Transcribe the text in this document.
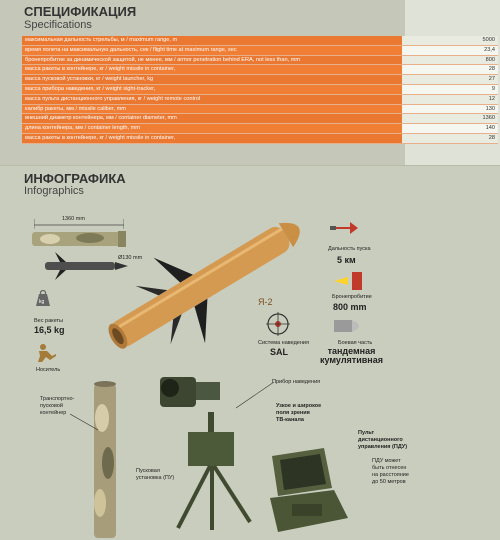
СПЕЦИФИКАЦИЯ
Specifications
максимальная дальность стрельбы, м / maximum range, m	5000
время полета на максимальную дальность, сек / flight time at maximum range, sec	23,4
бронепробитие за динамической защитой, не менее, мм / armor penetration behind ERA, not less than, mm	800
масса ракеты в контейнере, кг / weight missile in container,	28
масса пусковой установки, кг / weight launcher, kg	27
масса прибора наведения, кг / weight sight-tracker,	9
масса пульта дистанционного управления, кг / weight remote control	12
калибр ракеты, мм / missile caliber, mm	130
внешний диаметр контейнера, мм / container diameter, mm	1360
длина контейнера, мм / container length, mm	140
масса ракеты в контейнере, кг / weight missile in container,	28
ИНФОГРАФИКА
Infographics
1360 mm
Ø130 mm
Я-2
kg
Вес ракеты
16,5 kg
Носитель
Дальность пуска
5 км
Бронепробитие
800 mm
Система наведения
SAL
Боевая часть
тандемная
кумулятивная
Транспортно-
пусковой
контейнер
Прибор наведения
Узкое и широкое
поля зрения
ТВ-канала
Пусковая
установка (ПУ)
Пульт
дистанционного
управления (ПДУ)
ПДУ может
быть отнесен
на расстояние
до 50 метров
